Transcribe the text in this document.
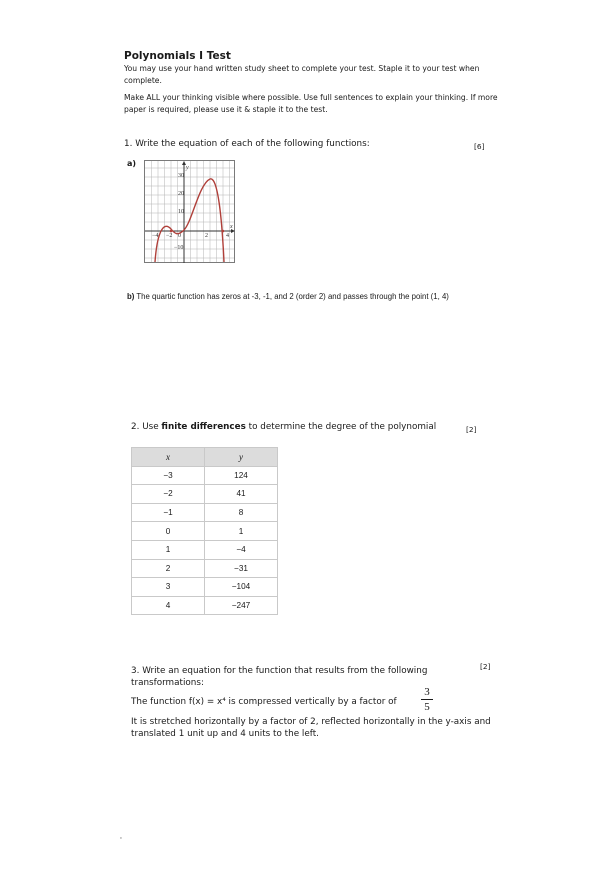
Polynomials I Test
You may use your hand written study sheet to complete your test. Staple it to your test when complete.
Make ALL your thinking visible where possible. Use full sentences to explain your thinking. If more paper is required, please use it & staple it to the test.
1. Write the equation of each of the following functions:	[6]
a)	y
x
30
20
10
−10
−4 −2 0	2	4
b) The quartic function has zeros at -3, -1, and 2 (order 2) and passes through the point (1, 4)
2. Use finite differences to determine the degree of the polynomial	[2]
x	y
−3	124
−2	41
−1	8
0	1
1	−4
2	−31
3	−104
4	−247
3. Write an equation for the function that results from the following transformations:
[2]
The function f(x) = x⁴ is compressed vertically by a factor of $\frac{3}{5}$
It is stretched horizontally by a factor of 2, reflected horizontally in the y-axis and translated 1 unit up and 4 units to the left.
'
